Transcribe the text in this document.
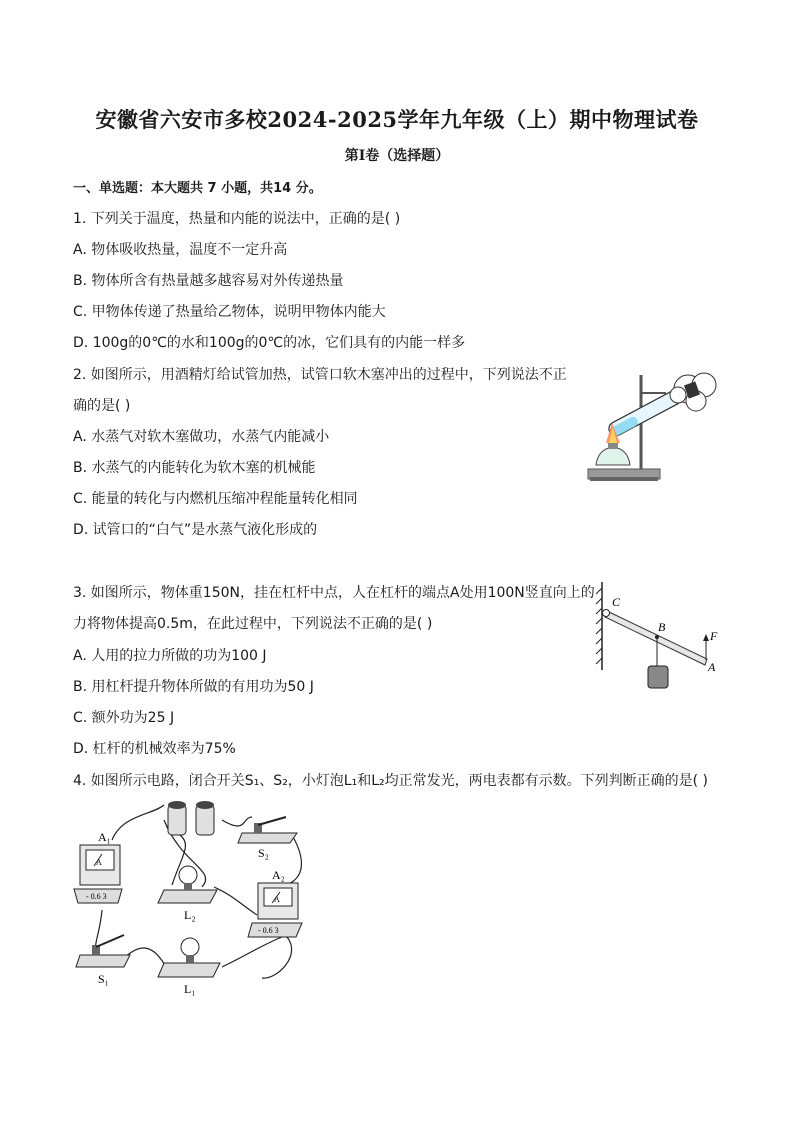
安徽省六安市多校2024-2025学年九年级（上）期中物理试卷
第Ⅰ卷（选择题）
一、单选题：本大题共 7 小题，共14 分。
1. 下列关于温度，热量和内能的说法中，正确的是( )
A. 物体吸收热量，温度不一定升高
B. 物体所含有热量越多越容易对外传递热量
C. 甲物体传递了热量给乙物体，说明甲物体内能大
D. 100g的0℃的水和100g的0℃的冰，它们具有的内能一样多
2. 如图所示，用酒精灯给试管加热，试管口软木塞冲出的过程中，下列说法不正
确的是( )
A. 水蒸气对软木塞做功，水蒸气内能减小
B. 水蒸气的内能转化为软木塞的机械能
C. 能量的转化与内燃机压缩冲程能量转化相同
D. 试管口的“白气”是水蒸气液化形成的
3. 如图所示，物体重150N，挂在杠杆中点，人在杠杆的端点A处用100N竖直向上的
力将物体提高0.5m，在此过程中，下列说法不正确的是( )
A. 人用的拉力所做的功为100 J
B. 用杠杆提升物体所做的有用功为50 J
C. 额外功为25 J
D. 杠杆的机械效率为75%
C
B
F
A
4. 如图所示电路，闭合开关S₁、S₂，小灯泡L₁和L₂均正常发光，两电表都有示数。下列判断正确的是( )
- 0.6 3
A₁
A
S₂
L₂
- 0.6 3
A₂
A
S₁
L₁
